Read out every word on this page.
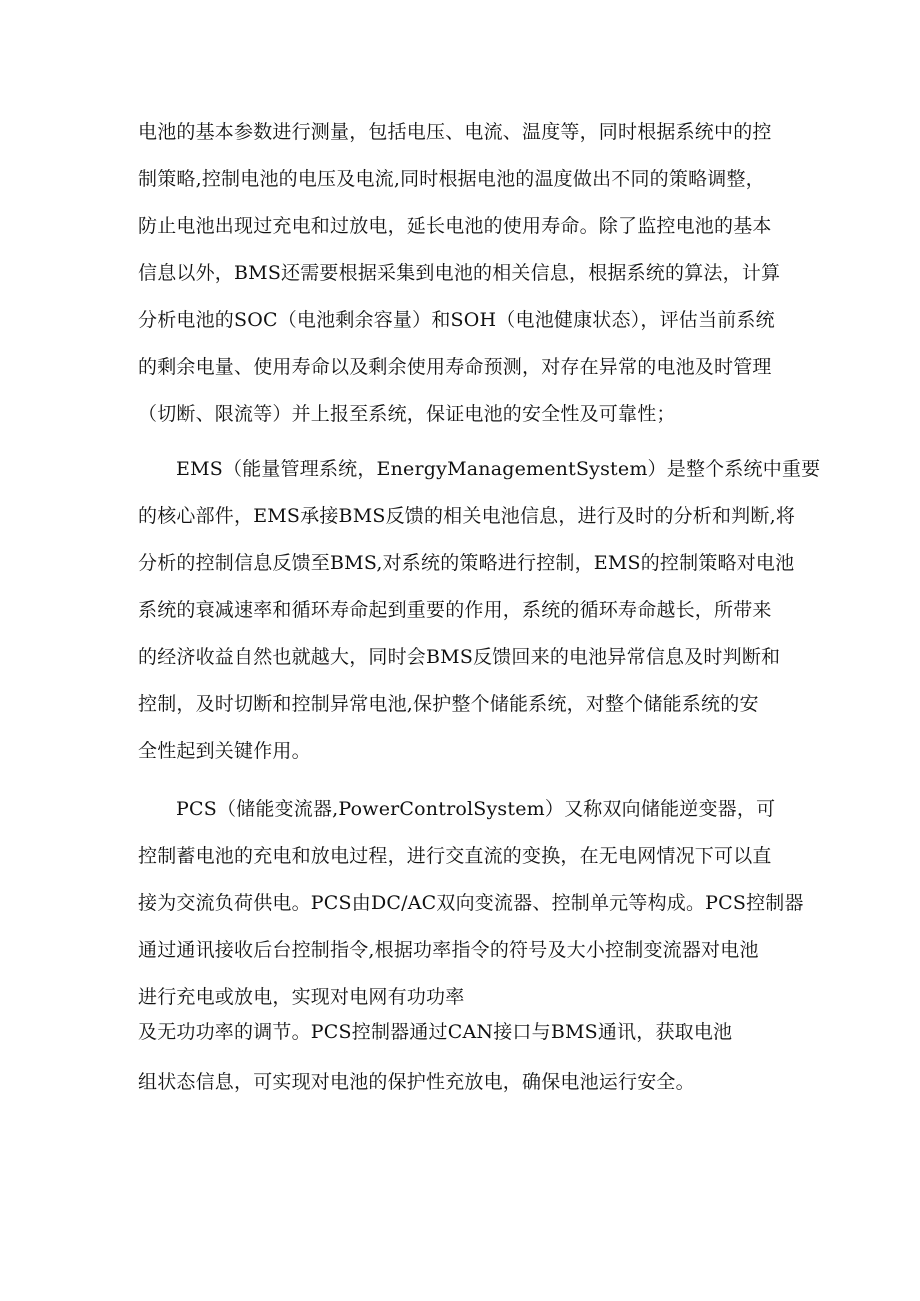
电池的基本参数进行测量，包括电压、电流、温度等，同时根据系统中的控
制策略,控制电池的电压及电流,同时根据电池的温度做出不同的策略调整，
防止电池出现过充电和过放电，延长电池的使用寿命。除了监控电池的基本
信息以外，BMS还需要根据采集到电池的相关信息，根据系统的算法，计算
分析电池的SOC（电池剩余容量）和SOH（电池健康状态），评估当前系统
的剩余电量、使用寿命以及剩余使用寿命预测，对存在异常的电池及时管理
（切断、限流等）并上报至系统，保证电池的安全性及可靠性；
EMS（能量管理系统，EnergyManagementSystem）是整个系统中重要
的核心部件，EMS承接BMS反馈的相关电池信息，进行及时的分析和判断,将
分析的控制信息反馈至BMS,对系统的策略进行控制，EMS的控制策略对电池
系统的衰减速率和循环寿命起到重要的作用，系统的循环寿命越长，所带来
的经济收益自然也就越大，同时会BMS反馈回来的电池异常信息及时判断和
控制，及时切断和控制异常电池,保护整个储能系统，对整个储能系统的安
全性起到关键作用。
PCS（储能变流器,PowerControlSystem）又称双向储能逆变器，可
控制蓄电池的充电和放电过程，进行交直流的变换，在无电网情况下可以直
接为交流负荷供电。PCS由DC/AC双向变流器、控制单元等构成。PCS控制器
通过通讯接收后台控制指令,根据功率指令的符号及大小控制变流器对电池
进行充电或放电，实现对电网有功功率
及无功功率的调节。PCS控制器通过CAN接口与BMS通讯，获取电池
组状态信息，可实现对电池的保护性充放电，确保电池运行安全。
